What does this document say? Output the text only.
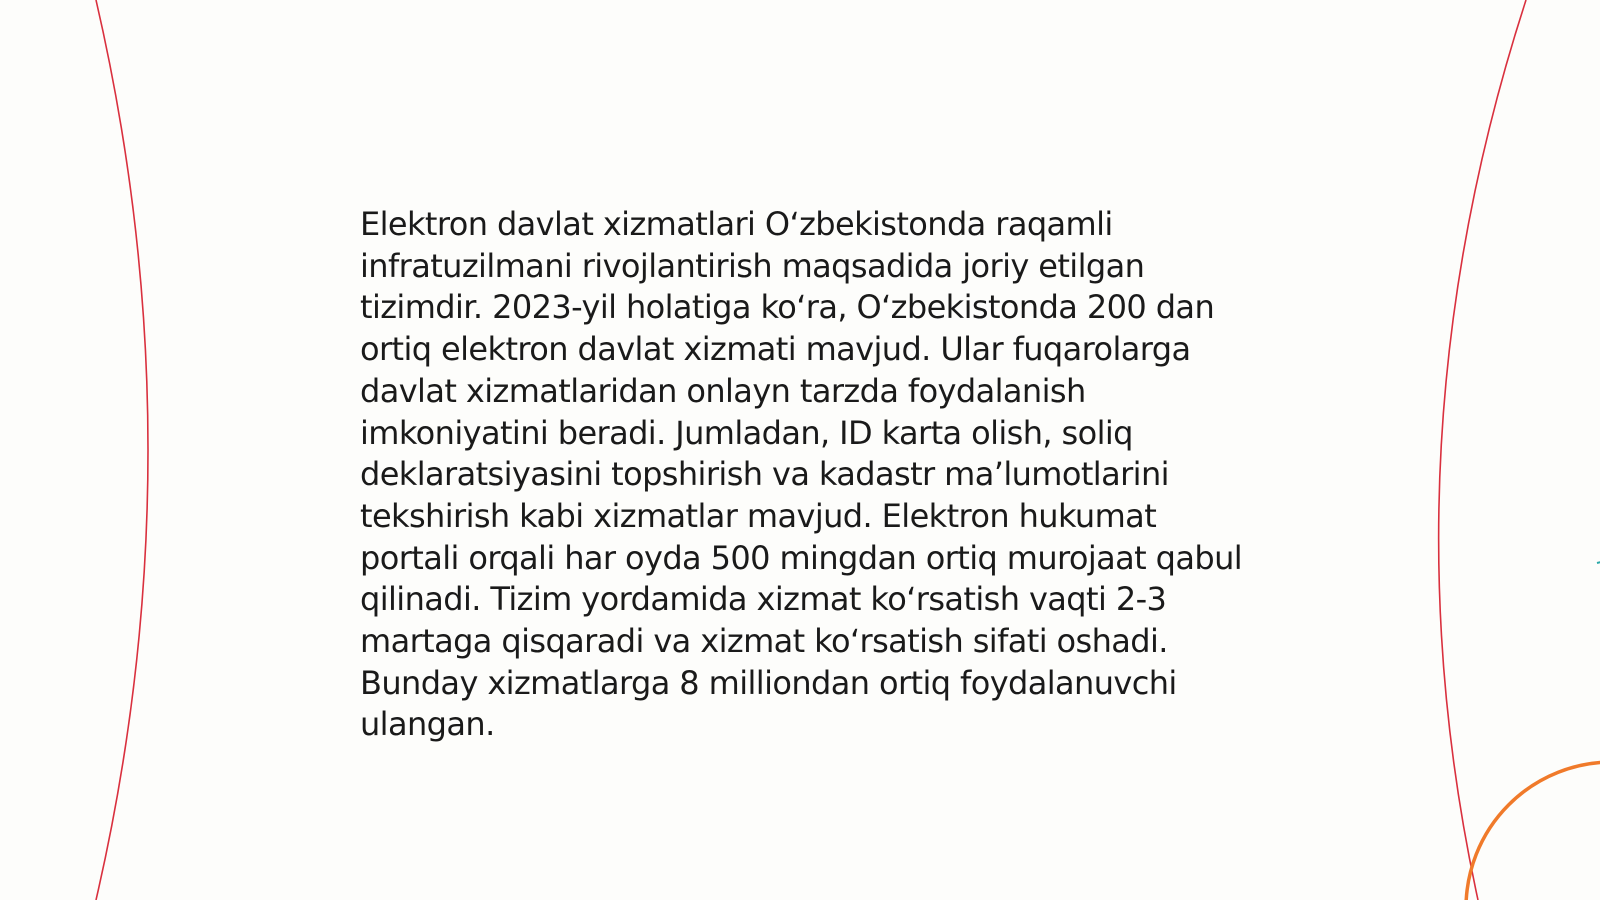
Elektron davlat xizmatlari O‘zbekistonda raqamli infratuzilmani rivojlantirish maqsadida joriy etilgan tizimdir. 2023-yil holatiga ko‘ra, O‘zbekistonda 200 dan ortiq elektron davlat xizmati mavjud. Ular fuqarolarga davlat xizmatlaridan onlayn tarzda foydalanish imkoniyatini beradi. Jumladan, ID karta olish, soliq deklaratsiyasini topshirish va kadastr ma’lumotlarini tekshirish kabi xizmatlar mavjud. Elektron hukumat portali orqali har oyda 500 mingdan ortiq murojaat qabul qilinadi. Tizim yordamida xizmat ko‘rsatish vaqti 2-3 martaga qisqaradi va xizmat ko‘rsatish sifati oshadi. Bunday xizmatlarga 8 milliondan ortiq foydalanuvchi ulangan.
